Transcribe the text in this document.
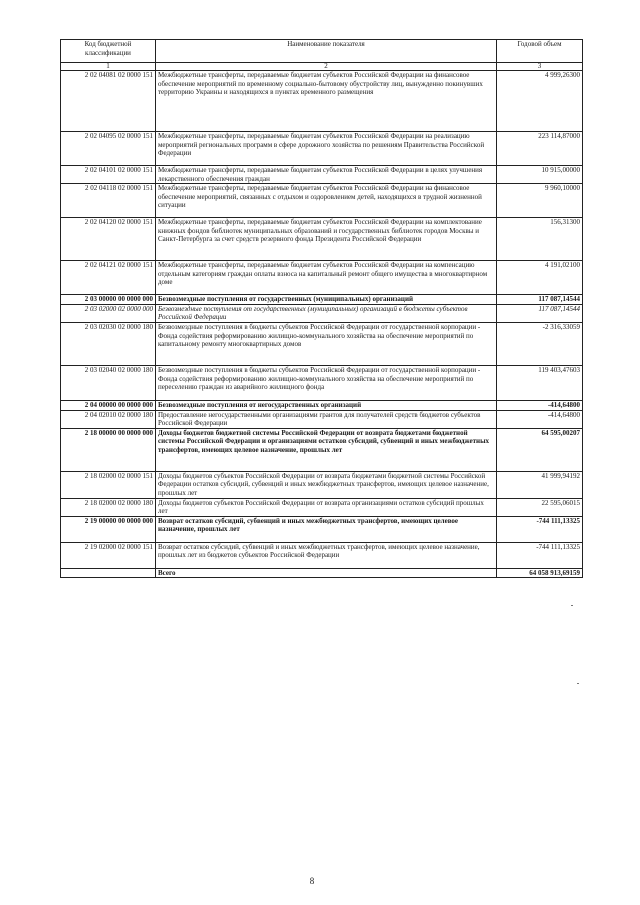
Код бюджетной классификации	Наименование показателя	Годовой объем
1	2	3
2 02 04081 02 0000 151	Межбюджетные трансферты, передаваемые бюджетам субъектов Российской Федерации на финансовое обеспечение мероприятий по временному социально-бытовому обустройству лиц, вынужденно покинувших территорию Украины и находящихся в пунктах временного размещения	4 999,26300
2 02 04095 02 0000 151	Межбюджетные трансферты, передаваемые бюджетам субъектов Российской Федерации на реализацию мероприятий региональных программ в сфере дорожного хозяйства по решениям Правительства Российской Федерации	223 114,87000
2 02 04101 02 0000 151	Межбюджетные трансферты, передаваемые бюджетам субъектов Российской Федерации в целях улучшения лекарственного обеспечения граждан	10 915,00000
2 02 04118 02 0000 151	Межбюджетные трансферты, передаваемые бюджетам субъектов Российской Федерации на финансовое обеспечение мероприятий, связанных с отдыхом и оздоровлением детей, находящихся в трудной жизненной ситуации	9 960,10000
2 02 04120 02 0000 151	Межбюджетные трансферты, передаваемые бюджетам субъектов Российской Федерации на комплектование книжных фондов библиотек муниципальных образований и государственных библиотек городов Москвы и Санкт-Петербурга за счет средств резервного фонда Президента Российской Федерации	156,31300
2 02 04121 02 0000 151	Межбюджетные трансферты, передаваемые бюджетам субъектов Российской Федерации на компенсацию отдельным категориям граждан оплаты взноса на капитальный ремонт общего имущества в многоквартирном доме	4 191,02100
2 03 00000 00 0000 000	Безвозмездные поступления от государственных (муниципальных) организаций	117 087,14544
2 03 02000 02 0000 000	Безвозмездные поступления от государственных (муниципальных) организаций в бюджеты субъектов Российской Федерации	117 087,14544
2 03 02030 02 0000 180	Безвозмездные поступления в бюджеты субъектов Российской Федерации от государственной корпорации - Фонда содействия реформированию жилищно-коммунального хозяйства на обеспечение мероприятий по капитальному ремонту многоквартирных домов	-2 316,33059
2 03 02040 02 0000 180	Безвозмездные поступления в бюджеты субъектов Российской Федерации от государственной корпорации - Фонда содействия реформированию жилищно-коммунального хозяйства на обеспечение мероприятий по переселению граждан из аварийного жилищного фонда	119 403,47603
2 04 00000 00 0000 000	Безвозмездные поступления от негосударственных организаций	-414,64800
2 04 02010 02 0000 180	Предоставление негосударственными организациями грантов для получателей средств бюджетов субъектов Российской Федерации	-414,64800
2 18 00000 00 0000 000	Доходы бюджетов бюджетной системы Российской Федерации от возврата бюджетами бюджетной системы Российской Федерации и организациями остатков субсидий, субвенций и иных межбюджетных трансфертов, имеющих целевое назначение, прошлых лет	64 595,00207
2 18 02000 02 0000 151	Доходы бюджетов субъектов Российской Федерации от возврата бюджетами бюджетной системы Российской Федерации остатков субсидий, субвенций и иных межбюджетных трансфертов, имеющих целевое назначение, прошлых лет	41 999,94192
2 18 02000 02 0000 180	Доходы бюджетов субъектов Российской Федерации от возврата организациями остатков субсидий прошлых лет	22 595,06015
2 19 00000 00 0000 000	Возврат остатков субсидий, субвенций и иных межбюджетных трансфертов, имеющих целевое назначение, прошлых лет	-744 111,13325
2 19 02000 02 0000 151	Возврат остатков субсидий, субвенций и иных межбюджетных трансфертов, имеющих целевое назначение, прошлых лет из бюджетов субъектов Российской Федерации	-744 111,13325
	Всего	64 058 913,69159
8
